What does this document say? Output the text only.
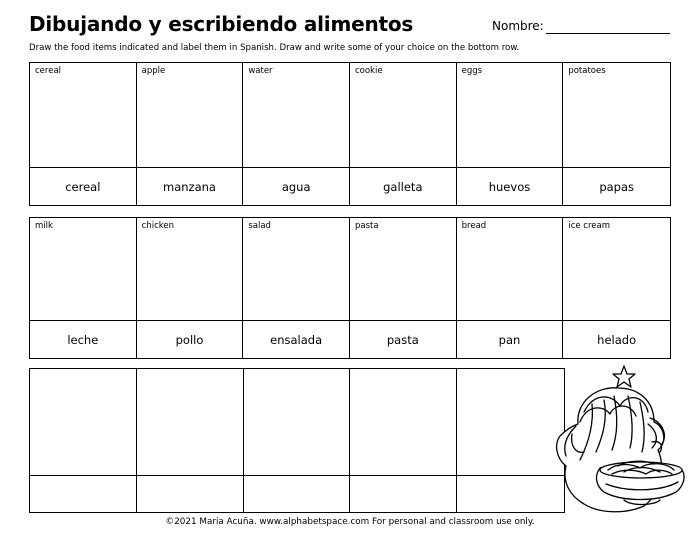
Dibujando y escribiendo alimentos	Nombre:
Draw the food items indicated and label them in Spanish. Draw and write some of your choice on the bottom row.
cereal	apple	water	cookie	eggs	potatoes
cereal	manzana	agua	galleta	huevos	papas
milk	chicken	salad	pasta	bread	ice cream
leche	pollo	ensalada	pasta	pan	helado
©2021 Maria Acuña. www.alphabetspace.com For personal and classroom use only.
